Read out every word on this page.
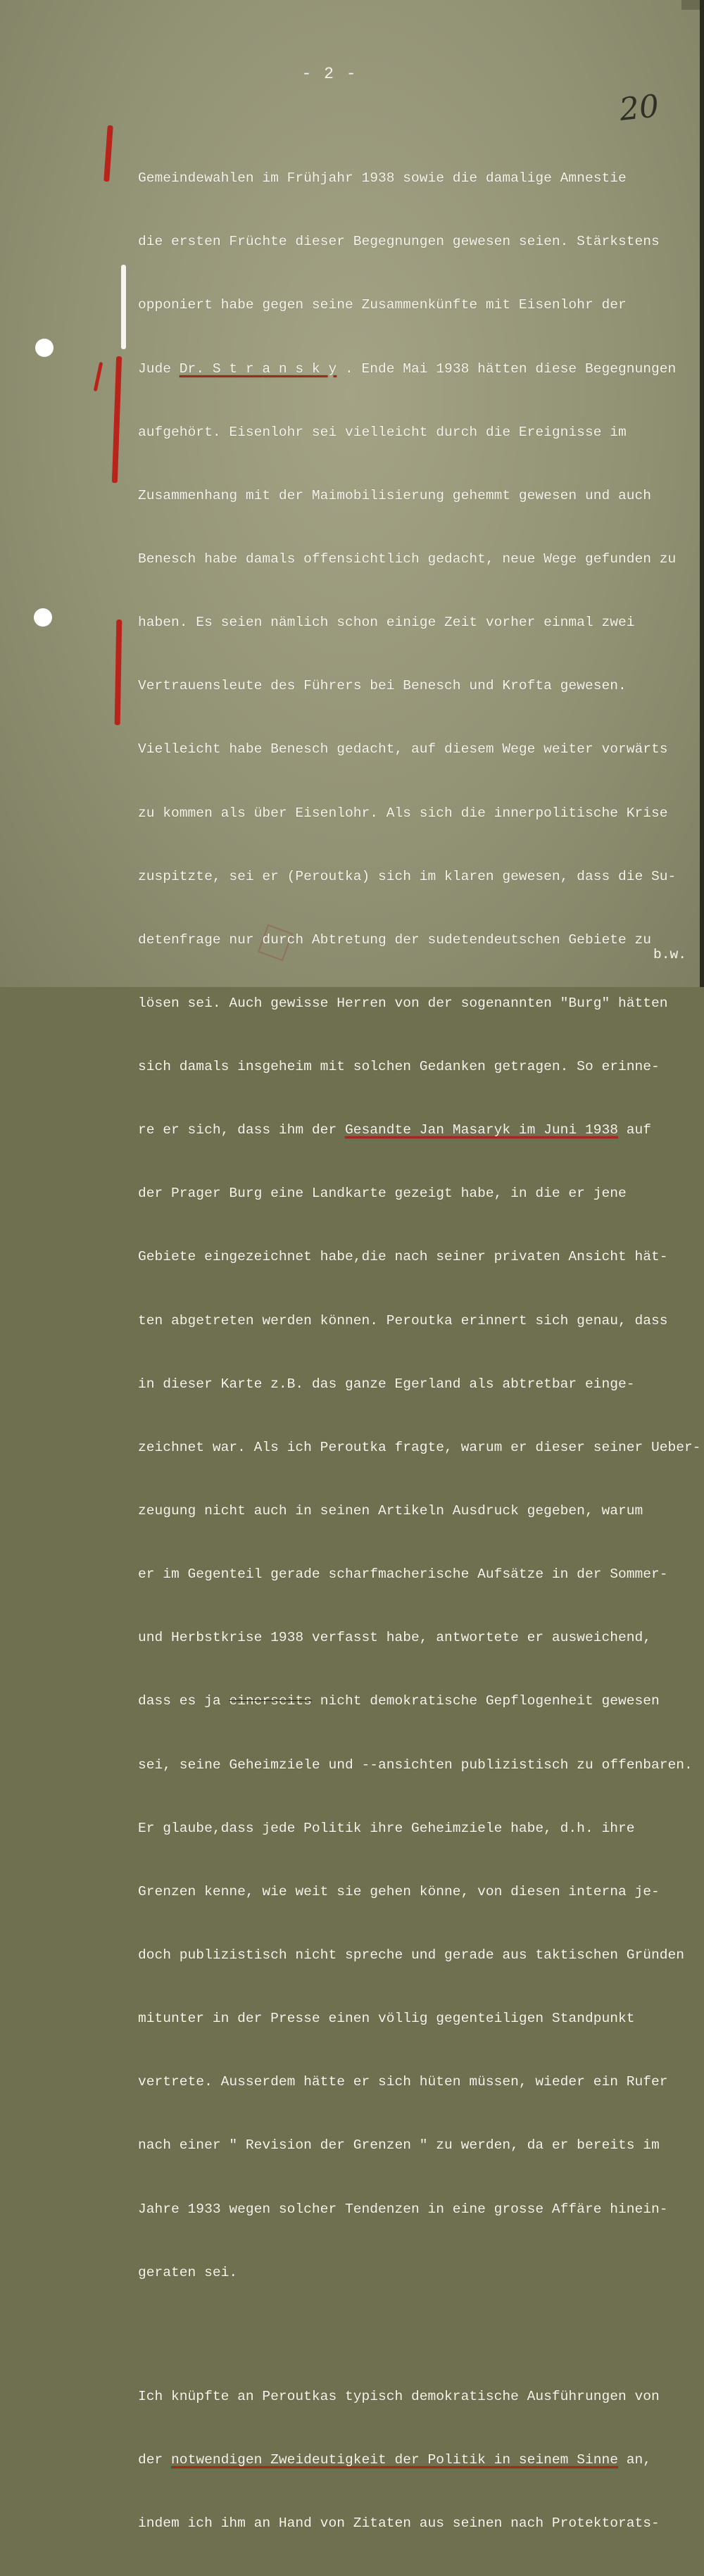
- 2 -
20

Gemeindewahlen im Frühjahr 1938 sowie die damalige Amnestie

die ersten Früchte dieser Begegnungen gewesen seien. Stärkstens

opponiert habe gegen seine Zusammenkünfte mit Eisenlohr der

Jude Dr. S t r a n s k y . Ende Mai 1938 hätten diese Begegnungen

aufgehört. Eisenlohr sei vielleicht durch die Ereignisse im

Zusammenhang mit der Maimobilisierung gehemmt gewesen und auch

Benesch habe damals offensichtlich gedacht, neue Wege gefunden zu

haben. Es seien nämlich schon einige Zeit vorher einmal zwei

Vertrauensleute des Führers bei Benesch und Krofta gewesen.

Vielleicht habe Benesch gedacht, auf diesem Wege weiter vorwärts

zu kommen als über Eisenlohr. Als sich die innerpolitische Krise

zuspitzte, sei er (Peroutka) sich im klaren gewesen, dass die Su-

detenfrage nur durch Abtretung der sudetendeutschen Gebiete zu

lösen sei. Auch gewisse Herren von der sogenannten "Burg" hätten

sich damals insgeheim mit solchen Gedanken getragen. So erinne-

re er sich, dass ihm der Gesandte Jan Masaryk im Juni 1938 auf

der Prager Burg eine Landkarte gezeigt habe, in die er jene

Gebiete eingezeichnet habe,die nach seiner privaten Ansicht hät-

ten abgetreten werden können. Peroutka erinnert sich genau, dass

in dieser Karte z.B. das ganze Egerland als abtretbar einge-

zeichnet war. Als ich Peroutka fragte, warum er dieser seiner Ueber-

zeugung nicht auch in seinen Artikeln Ausdruck gegeben, warum

er im Gegenteil gerade scharfmacherische Aufsätze in der Sommer-

und Herbstkrise 1938 verfasst habe, antwortete er ausweichend,

dass es ja einerseits nicht demokratische Gepflogenheit gewesen

sei, seine Geheimziele und --ansichten publizistisch zu offenbaren.

Er glaube,dass jede Politik ihre Geheimziele habe, d.h. ihre

Grenzen kenne, wie weit sie gehen könne, von diesen interna je-

doch publizistisch nicht spreche und gerade aus taktischen Gründen

mitunter in der Presse einen völlig gegenteiligen Standpunkt

vertrete. Ausserdem hätte er sich hüten müssen, wieder ein Rufer

nach einer " Revision der Grenzen " zu werden, da er bereits im

Jahre 1933 wegen solcher Tendenzen in eine grosse Affäre hinein-

geraten sei.

Ich knüpfte an Peroutkas typisch demokratische Ausführungen von

der notwendigen Zweideutigkeit der Politik in seinem Sinne an,

indem ich ihm an Hand von Zitaten aus seinen nach Protektorats-

b.w.
